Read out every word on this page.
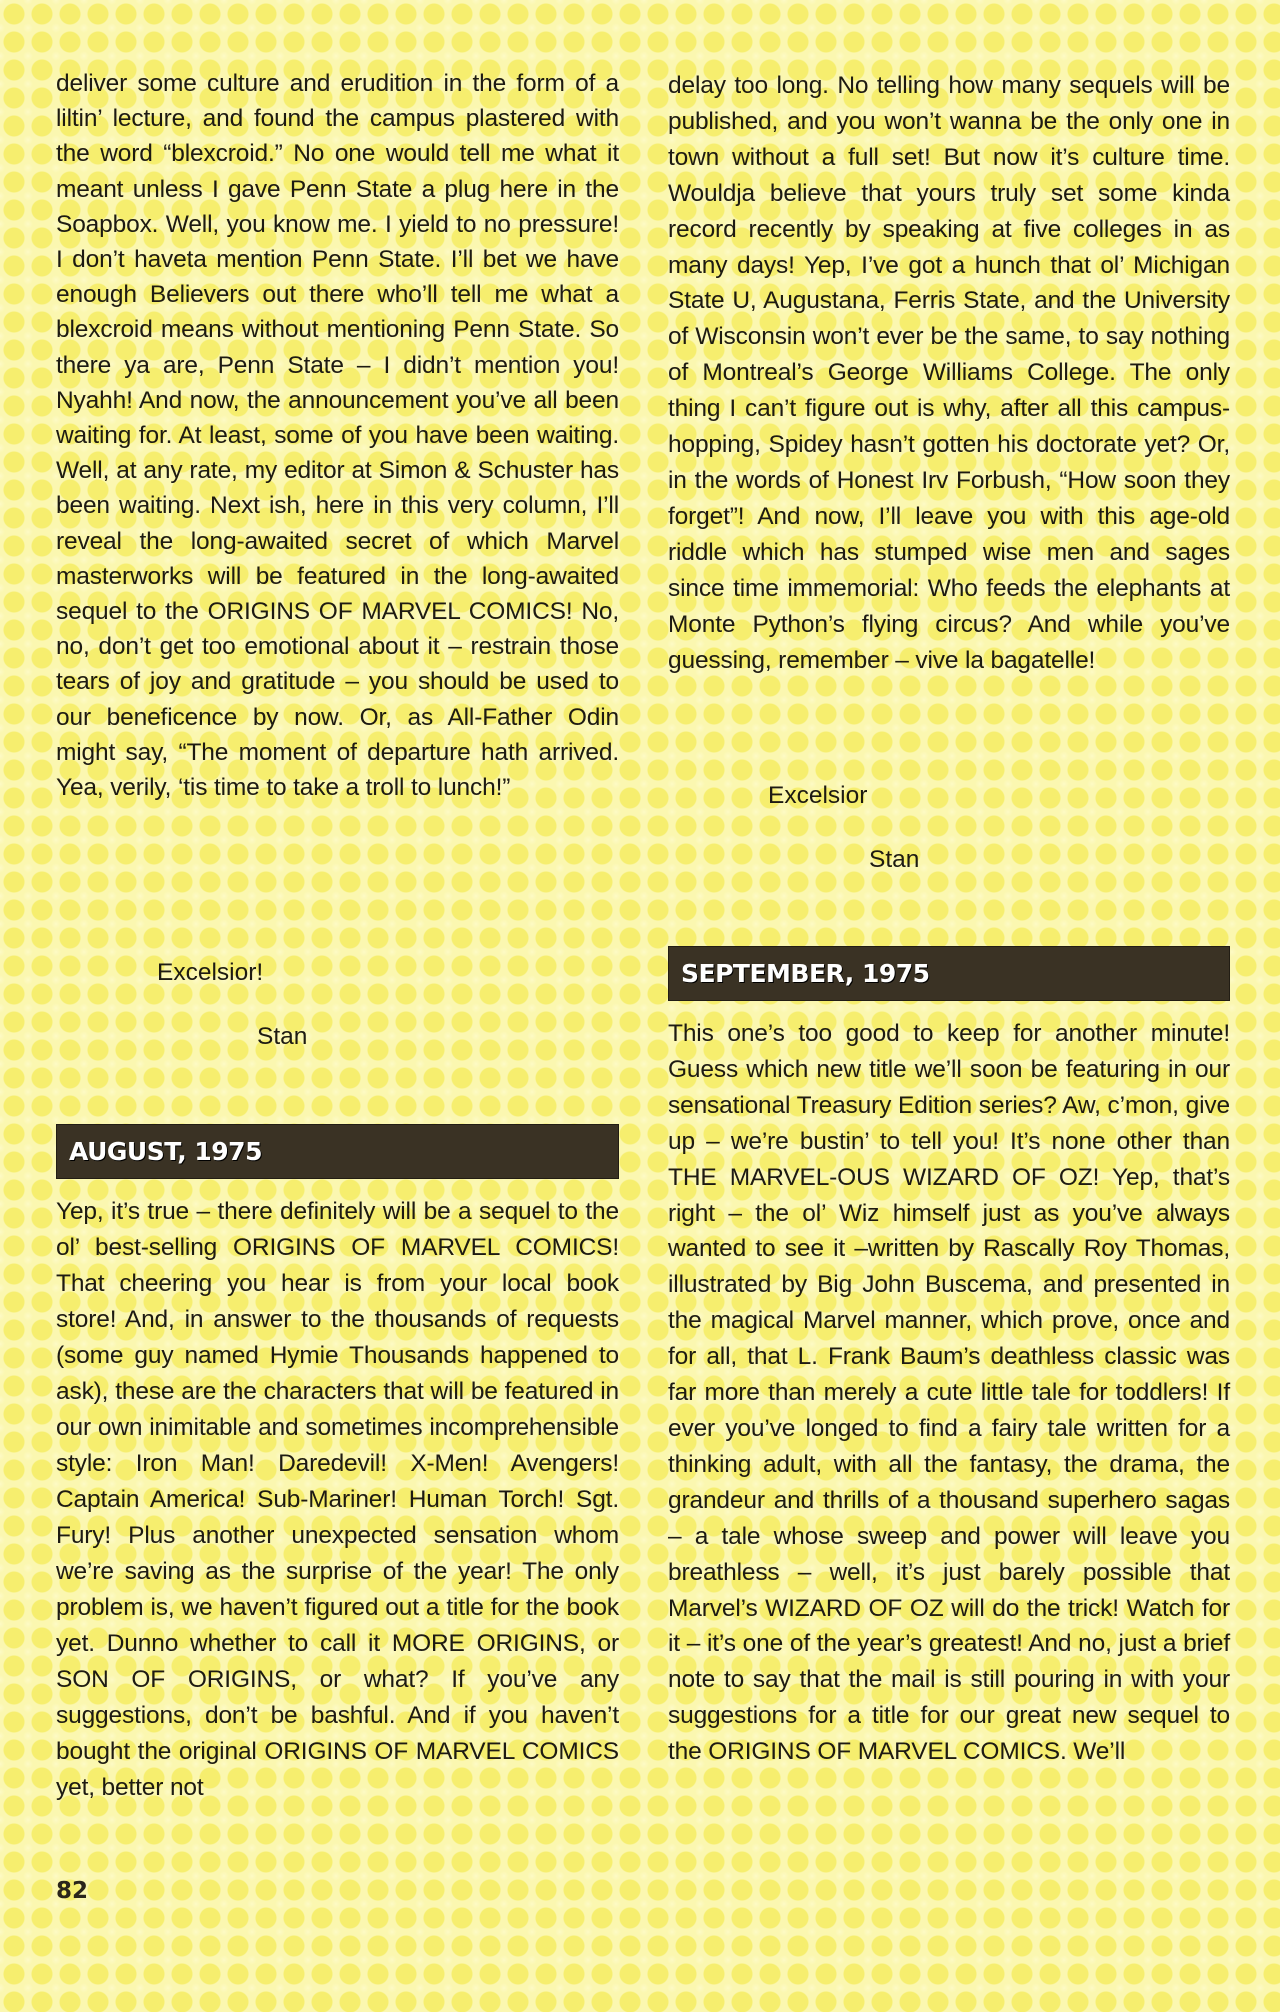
deliver some culture and erudition in the form of a liltin’ lecture, and found the campus plastered with the word “blexcroid.” No one would tell me what it meant unless I gave Penn State a plug here in the Soapbox. Well, you know me. I yield to no pressure! I don’t haveta mention Penn State. I’ll bet we have enough Believers out there who’ll tell me what a blexcroid means without mentioning Penn State. So there ya are, Penn State – I didn’t mention you! Nyahh! And now, the announcement you’ve all been waiting for. At least, some of you have been waiting. Well, at any rate, my editor at Simon & Schuster has been waiting. Next ish, here in this very column, I’ll reveal the long-awaited secret of which Marvel masterworks will be featured in the long-awaited sequel to the ORIGINS OF MARVEL COMICS! No, no, don’t get too emotional about it – restrain those tears of joy and gratitude – you should be used to our beneficence by now. Or, as All-Father Odin might say, “The moment of departure hath arrived. Yea, verily, ‘tis time to take a troll to lunch!”

Excelsior!
Stan
AUGUST, 1975

Yep, it’s true – there definitely will be a sequel to the ol’ best-selling ORIGINS OF MARVEL COMICS! That cheering you hear is from your local book store! And, in answer to the thousands of requests (some guy named Hymie Thousands happened to ask), these are the characters that will be featured in our own inimitable and sometimes incomprehensible style: Iron Man! Daredevil! X-Men! Avengers! Captain America! Sub-Mariner! Human Torch! Sgt. Fury! Plus another unexpected sensation whom we’re saving as the surprise of the year! The only problem is, we haven’t figured out a title for the book yet. Dunno whether to call it MORE ORIGINS, or SON OF ORIGINS, or what? If you’ve any suggestions, don’t be bashful. And if you haven’t bought the original ORIGINS OF MARVEL COMICS yet, better not

82

delay too long. No telling how many sequels will be published, and you won’t wanna be the only one in town without a full set! But now it’s culture time. Wouldja believe that yours truly set some kinda record recently by speaking at five colleges in as many days! Yep, I’ve got a hunch that ol’ Michigan State U, Augustana, Ferris State, and the University of Wisconsin won’t ever be the same, to say nothing of Montreal’s George Williams College. The only thing I can’t figure out is why, after all this campus-hopping, Spidey hasn’t gotten his doctorate yet? Or, in the words of Honest Irv Forbush, “How soon they forget”! And now, I’ll leave you with this age-old riddle which has stumped wise men and sages since time immemorial: Who feeds the elephants at Monte Python’s flying circus? And while you’ve guessing, remember – vive la bagatelle!

Excelsior
Stan
SEPTEMBER, 1975

This one’s too good to keep for another minute! Guess which new title we’ll soon be featuring in our sensational Treasury Edition series? Aw, c’mon, give up – we’re bustin’ to tell you! It’s none other than THE MARVEL-OUS WIZARD OF OZ! Yep, that’s right – the ol’ Wiz himself just as you’ve always wanted to see it –written by Rascally Roy Thomas, illustrated by Big John Buscema, and presented in the magical Marvel manner, which prove, once and for all, that L. Frank Baum’s deathless classic was far more than merely a cute little tale for toddlers! If ever you’ve longed to find a fairy tale written for a thinking adult, with all the fantasy, the drama, the grandeur and thrills of a thousand superhero sagas – a tale whose sweep and power will leave you breathless – well, it’s just barely possible that Marvel’s WIZARD OF OZ will do the trick! Watch for it – it’s one of the year’s greatest! And no, just a brief note to say that the mail is still pouring in with your suggestions for a title for our great new sequel to the ORIGINS OF MARVEL COMICS. We’ll
